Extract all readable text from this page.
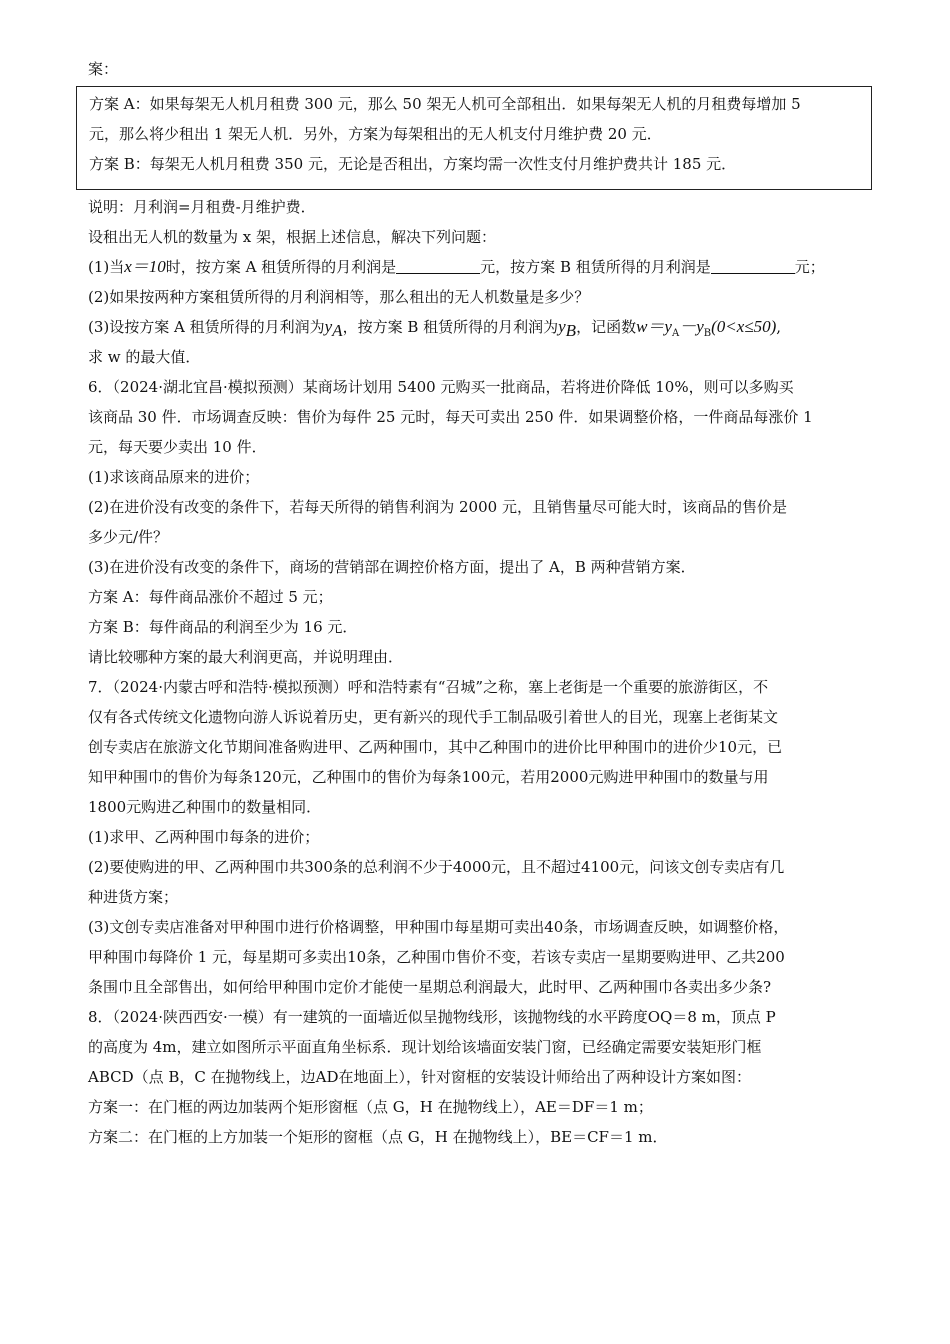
案：
方案 A：如果每架无人机月租费 300 元，那么 50 架无人机可全部租出．如果每架无人机的月租费每增加 5
元，那么将少租出 1 架无人机．另外，方案为每架租出的无人机支付月维护费 20 元．
方案 B：每架无人机月租费 350 元，无论是否租出，方案均需一次性支付月维护费共计 185 元．
说明：月利润=月租费-月维护费．
设租出无人机的数量为 x 架，根据上述信息，解决下列问题：
(1)当x＝10时，按方案 A 租赁所得的月利润是	元，按方案 B 租赁所得的月利润是	元；
(2)如果按两种方案租赁所得的月利润相等，那么租出的无人机数量是多少？
(3)设按方案 A 租赁所得的月利润为$y_A$，按方案 B 租赁所得的月利润为$y_B$，记函数$w=y_A-y_B(0<x\le 50)$,
求 w 的最大值．
6．（2024·湖北宜昌·模拟预测）某商场计划用 5400 元购买一批商品，若将进价降低 10%，则可以多购买
该商品 30 件．市场调查反映：售价为每件 25 元时，每天可卖出 250 件．如果调整价格，一件商品每涨价 1
元，每天要少卖出 10 件．
(1)求该商品原来的进价；
(2)在进价没有改变的条件下，若每天所得的销售利润为 2000 元，且销售量尽可能大时，该商品的售价是
多少元/件？
(3)在进价没有改变的条件下，商场的营销部在调控价格方面，提出了 A，B 两种营销方案．
方案 A：每件商品涨价不超过 5 元；
方案 B：每件商品的利润至少为 16 元．
请比较哪种方案的最大利润更高，并说明理由．
7．（2024·内蒙古呼和浩特·模拟预测）呼和浩特素有“召城”之称，塞上老街是一个重要的旅游街区，不
仅有各式传统文化遗物向游人诉说着历史，更有新兴的现代手工制品吸引着世人的目光，现塞上老街某文
创专卖店在旅游文化节期间准备购进甲、乙两种围巾，其中乙种围巾的进价比甲种围巾的进价少10元，已
知甲种围巾的售价为每条120元，乙种围巾的售价为每条100元，若用2000元购进甲种围巾的数量与用
1800元购进乙种围巾的数量相同．
(1)求甲、乙两种围巾每条的进价；
(2)要使购进的甲、乙两种围巾共300条的总利润不少于4000元，且不超过4100元，问该文创专卖店有几
种进货方案；
(3)文创专卖店准备对甲种围巾进行价格调整，甲种围巾每星期可卖出40条，市场调查反映，如调整价格，
甲种围巾每降价 1 元，每星期可多卖出10条，乙种围巾售价不变，若该专卖店一星期要购进甲、乙共200
条围巾且全部售出，如何给甲种围巾定价才能使一星期总利润最大，此时甲、乙两种围巾各卖出多少条?
8．（2024·陕西西安·一模）有一建筑的一面墙近似呈抛物线形，该抛物线的水平跨度OQ＝8 m，顶点 P
的高度为 4m，建立如图所示平面直角坐标系．现计划给该墙面安装门窗，已经确定需要安装矩形门框
ABCD（点 B，C 在抛物线上，边AD在地面上），针对窗框的安装设计师给出了两种设计方案如图：
方案一：在门框的两边加装两个矩形窗框（点 G，H 在抛物线上），AE＝DF＝1 m；
方案二：在门框的上方加装一个矩形的窗框（点 G，H 在抛物线上），BE＝CF＝1 m．
